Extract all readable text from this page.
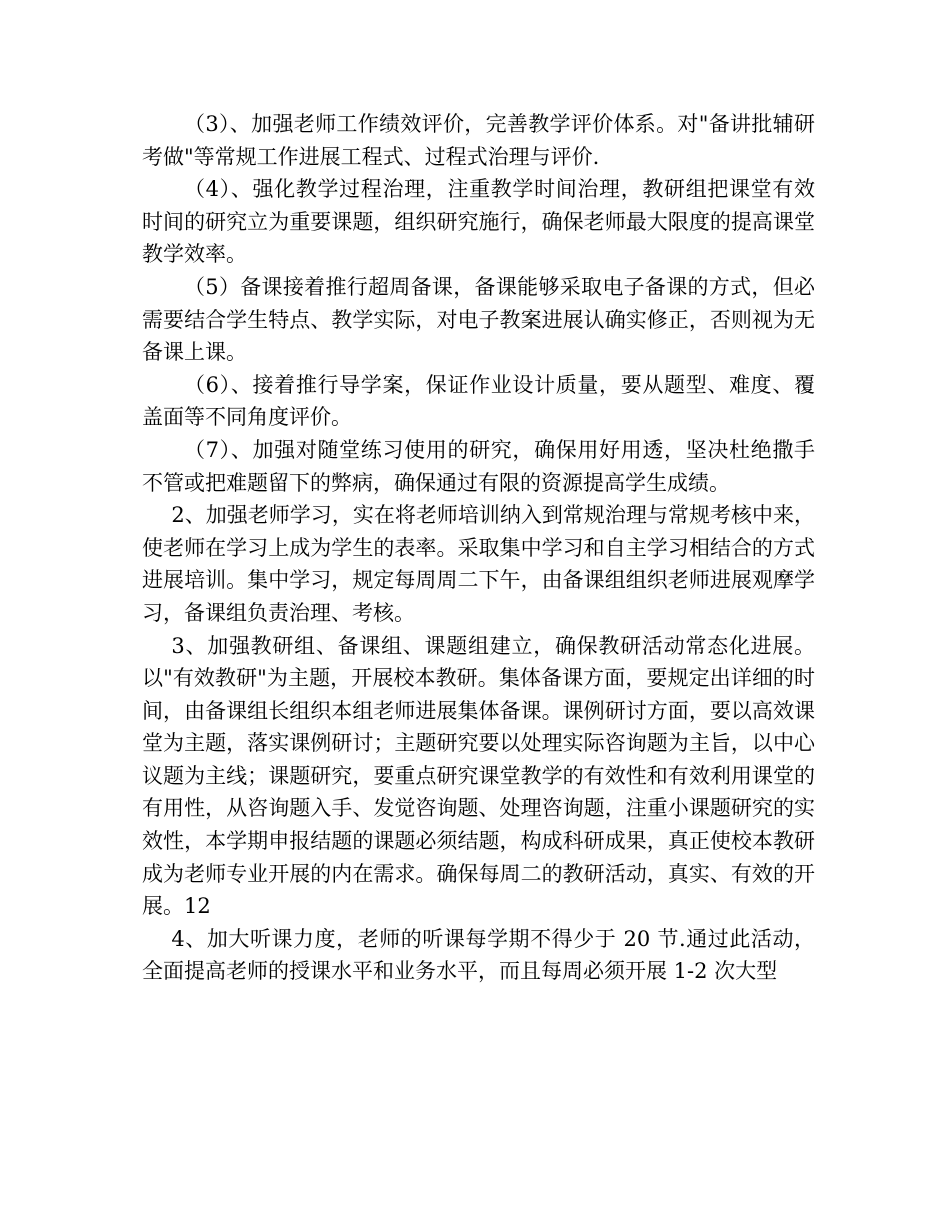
（3）、加强老师工作绩效评价，完善教学评价体系。对"备讲批辅研考做"等常规工作进展工程式、过程式治理与评价.

（4）、强化教学过程治理，注重教学时间治理，教研组把课堂有效时间的研究立为重要课题，组织研究施行，确保老师最大限度的提高课堂教学效率。

（5）备课接着推行超周备课，备课能够采取电子备课的方式，但必需要结合学生特点、教学实际，对电子教案进展认确实修正，否则视为无备课上课。

（6）、接着推行导学案，保证作业设计质量，要从题型、难度、覆盖面等不同角度评价。

（7）、加强对随堂练习使用的研究，确保用好用透，坚决杜绝撒手不管或把难题留下的弊病，确保通过有限的资源提高学生成绩。

2、加强老师学习，实在将老师培训纳入到常规治理与常规考核中来，使老师在学习上成为学生的表率。采取集中学习和自主学习相结合的方式进展培训。集中学习，规定每周周二下午，由备课组组织老师进展观摩学习，备课组负责治理、考核。

3、加强教研组、备课组、课题组建立，确保教研活动常态化进展。以"有效教研"为主题，开展校本教研。集体备课方面，要规定出详细的时间，由备课组长组织本组老师进展集体备课。课例研讨方面，要以高效课堂为主题，落实课例研讨；主题研究要以处理实际咨询题为主旨，以中心议题为主线；课题研究，要重点研究课堂教学的有效性和有效利用课堂的有用性，从咨询题入手、发觉咨询题、处理咨询题，注重小课题研究的实效性，本学期申报结题的课题必须结题，构成科研成果，真正使校本教研成为老师专业开展的内在需求。确保每周二的教研活动，真实、有效的开展。12

4、加大听课力度，老师的听课每学期不得少于 20 节.通过此活动，全面提高老师的授课水平和业务水平，而且每周必须开展 1-2 次大型
